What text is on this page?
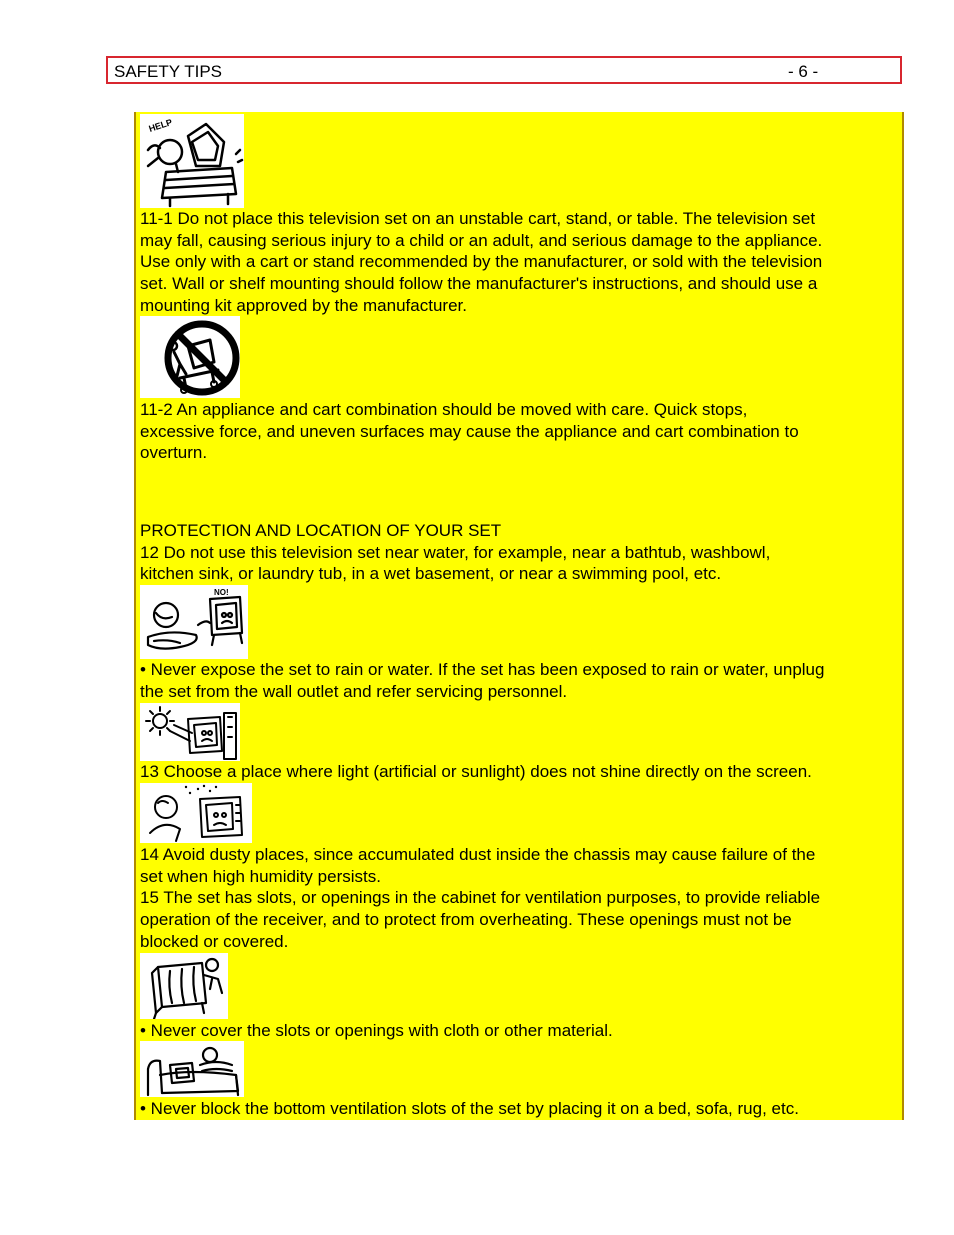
SAFETY TIPS	- 6 -
HELP
11-1 Do not place this television set on an unstable cart, stand, or table. The television set
may fall, causing serious injury to a child or an adult, and serious damage to the appliance.
Use only with a cart or stand recommended by the manufacturer, or sold with the television
set. Wall or shelf mounting should follow the manufacturer's instructions, and should use a
mounting kit approved by the manufacturer.
11-2 An appliance and cart combination should be moved with care. Quick stops,
excessive force, and uneven surfaces may cause the appliance and cart combination to
overturn.
PROTECTION AND LOCATION OF YOUR SET
12 Do not use this television set near water, for example, near a bathtub, washbowl,
kitchen sink, or laundry tub, in a wet basement, or near a swimming pool, etc.
NO!
• Never expose the set to rain or water. If the set has been exposed to rain or water, unplug
the set from the wall outlet and refer servicing personnel.
13 Choose a place where light (artificial or sunlight) does not shine directly on the screen.
14 Avoid dusty places, since accumulated dust inside the chassis may cause failure of the
set when high humidity persists.
15 The set has slots, or openings in the cabinet for ventilation purposes, to provide reliable
operation of the receiver, and to protect from overheating. These openings must not be
blocked or covered.
• Never cover the slots or openings with cloth or other material.
• Never block the bottom ventilation slots of the set by placing it on a bed, sofa, rug, etc.
